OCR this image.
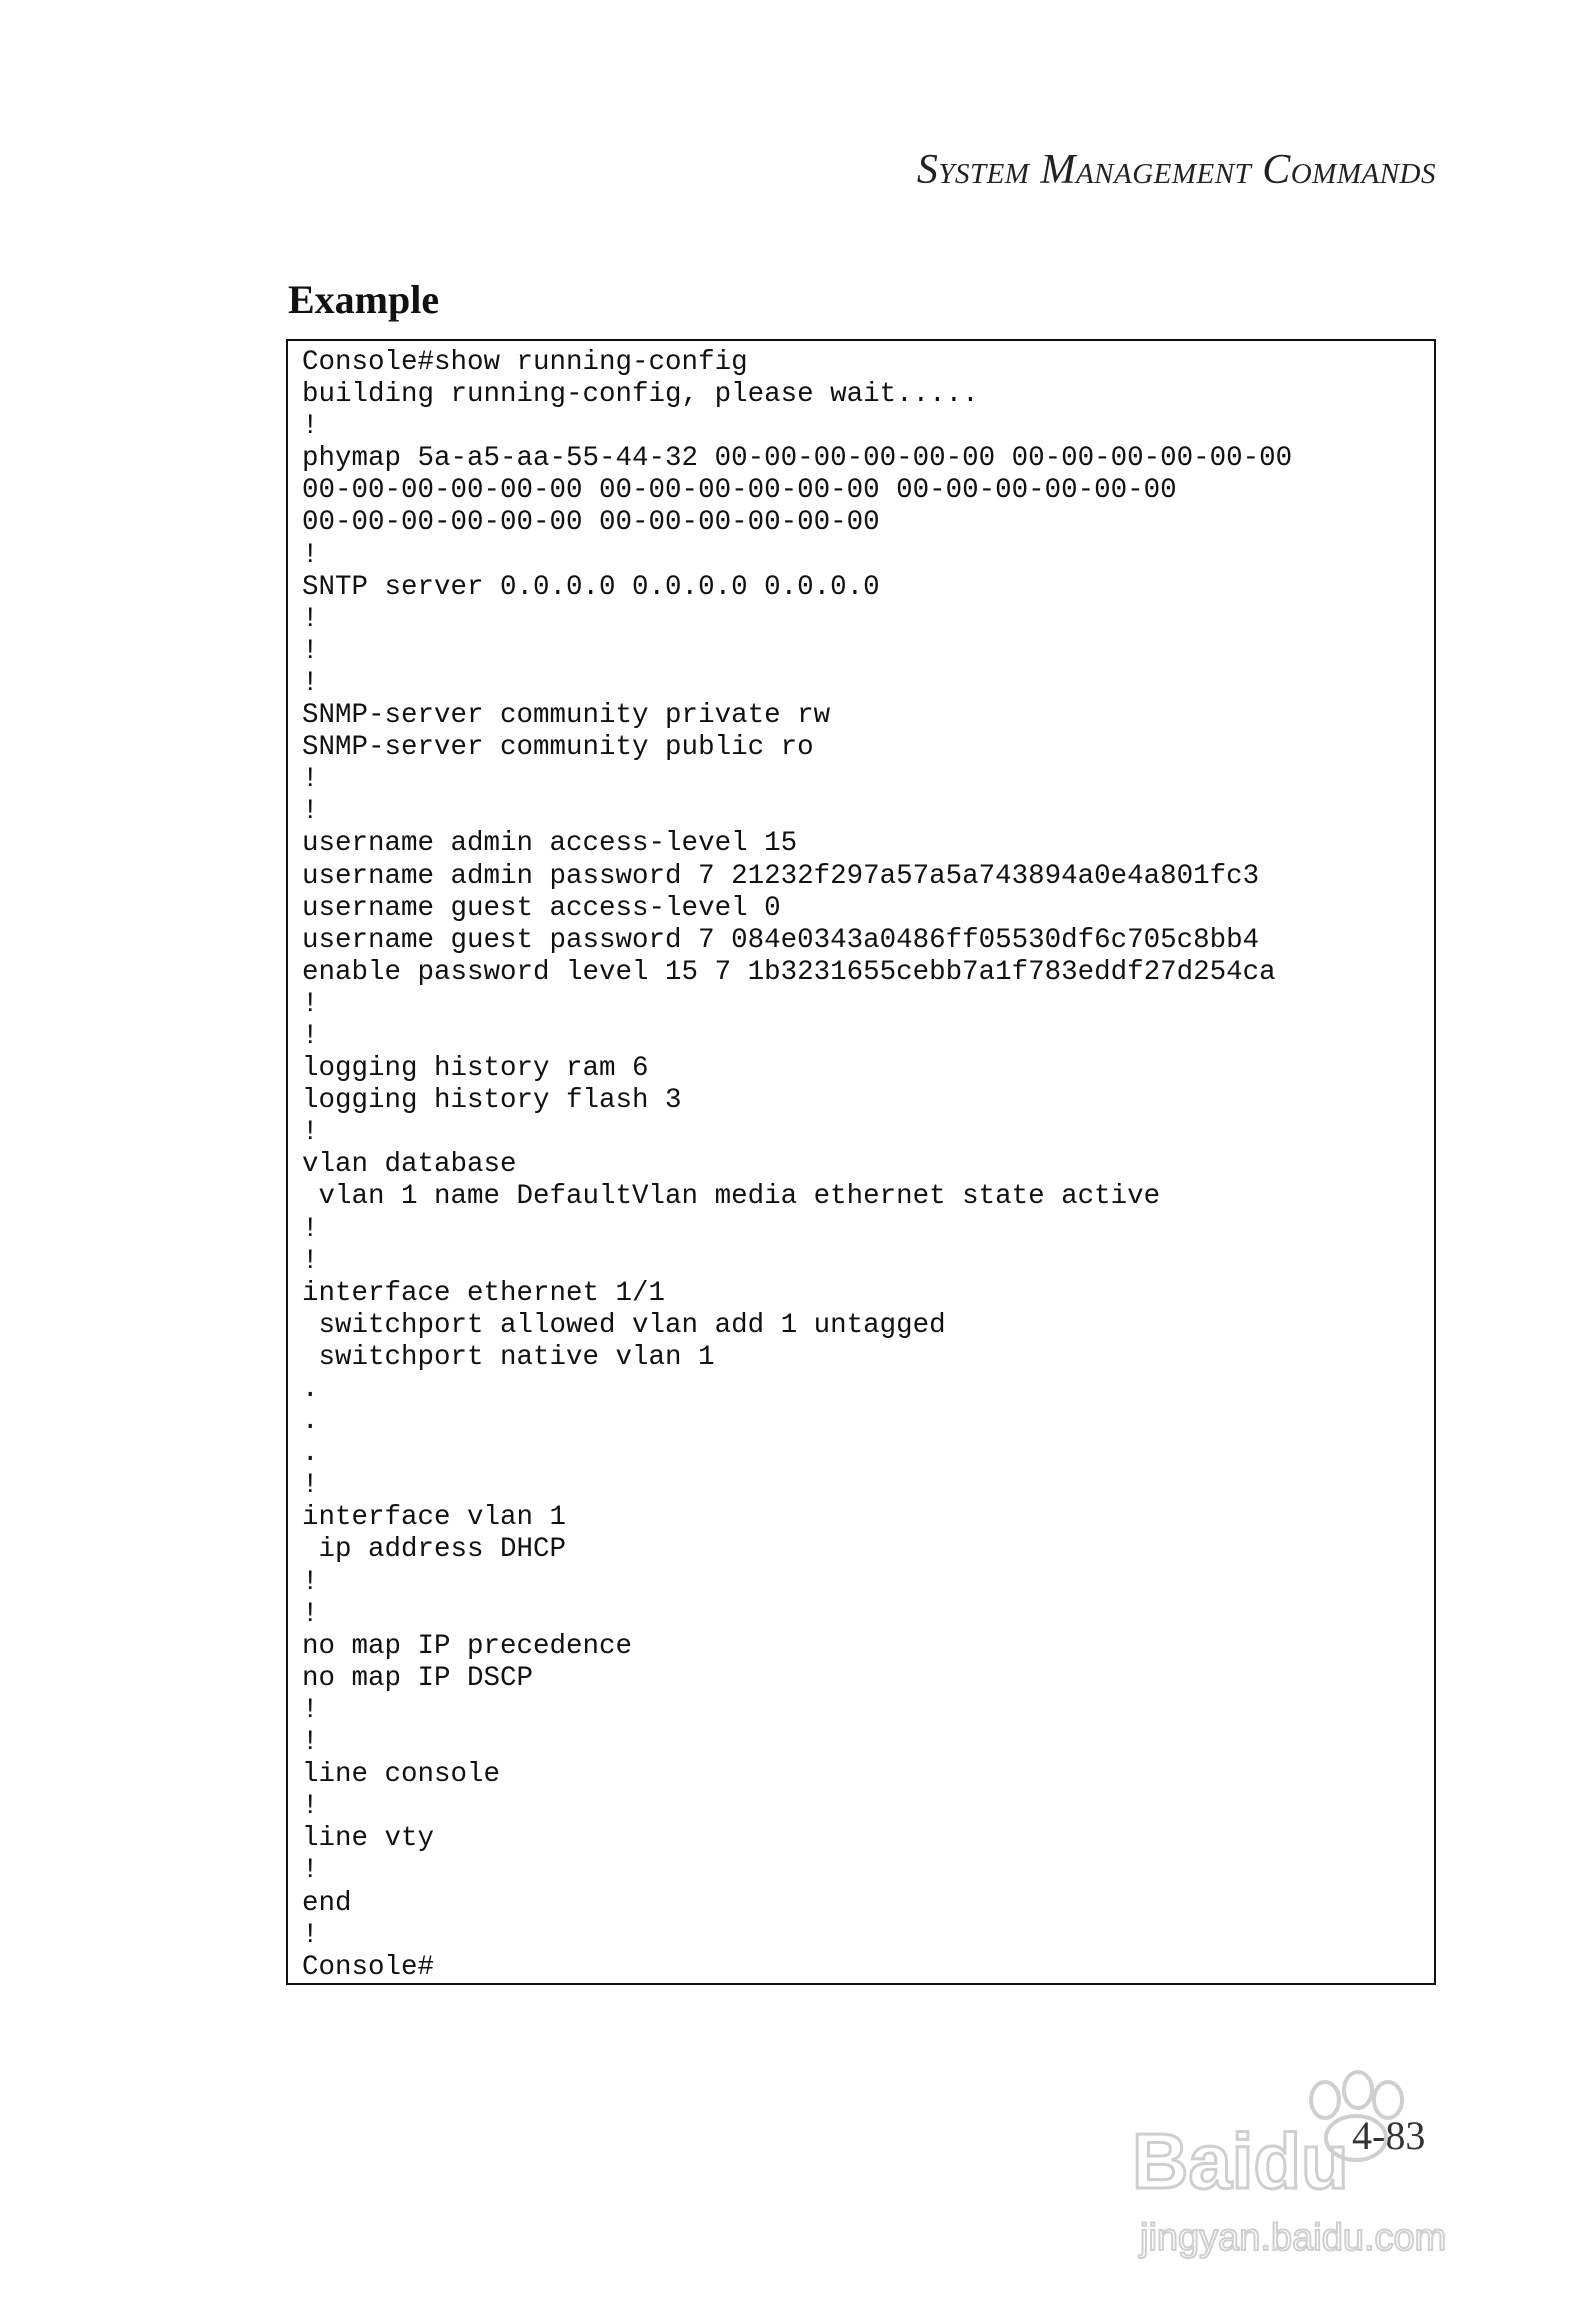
System Management Commands
Example
Console#show running-config
building running-config, please wait.....
!
phymap 5a-a5-aa-55-44-32 00-00-00-00-00-00 00-00-00-00-00-00
00-00-00-00-00-00 00-00-00-00-00-00 00-00-00-00-00-00
00-00-00-00-00-00 00-00-00-00-00-00
!
SNTP server 0.0.0.0 0.0.0.0 0.0.0.0
!
!
!
SNMP-server community private rw
SNMP-server community public ro
!
!
username admin access-level 15
username admin password 7 21232f297a57a5a743894a0e4a801fc3
username guest access-level 0
username guest password 7 084e0343a0486ff05530df6c705c8bb4
enable password level 15 7 1b3231655cebb7a1f783eddf27d254ca
!
!
logging history ram 6
logging history flash 3
!
vlan database
vlan 1 name DefaultVlan media ethernet state active
!
!
interface ethernet 1/1
switchport allowed vlan add 1 untagged
switchport native vlan 1
.
.
.
!
interface vlan 1
ip address DHCP
!
!
no map IP precedence
no map IP DSCP
!
!
line console
!
line vty
!
end
!
Console#
4-83
Baidu
jingyan.baidu.com
